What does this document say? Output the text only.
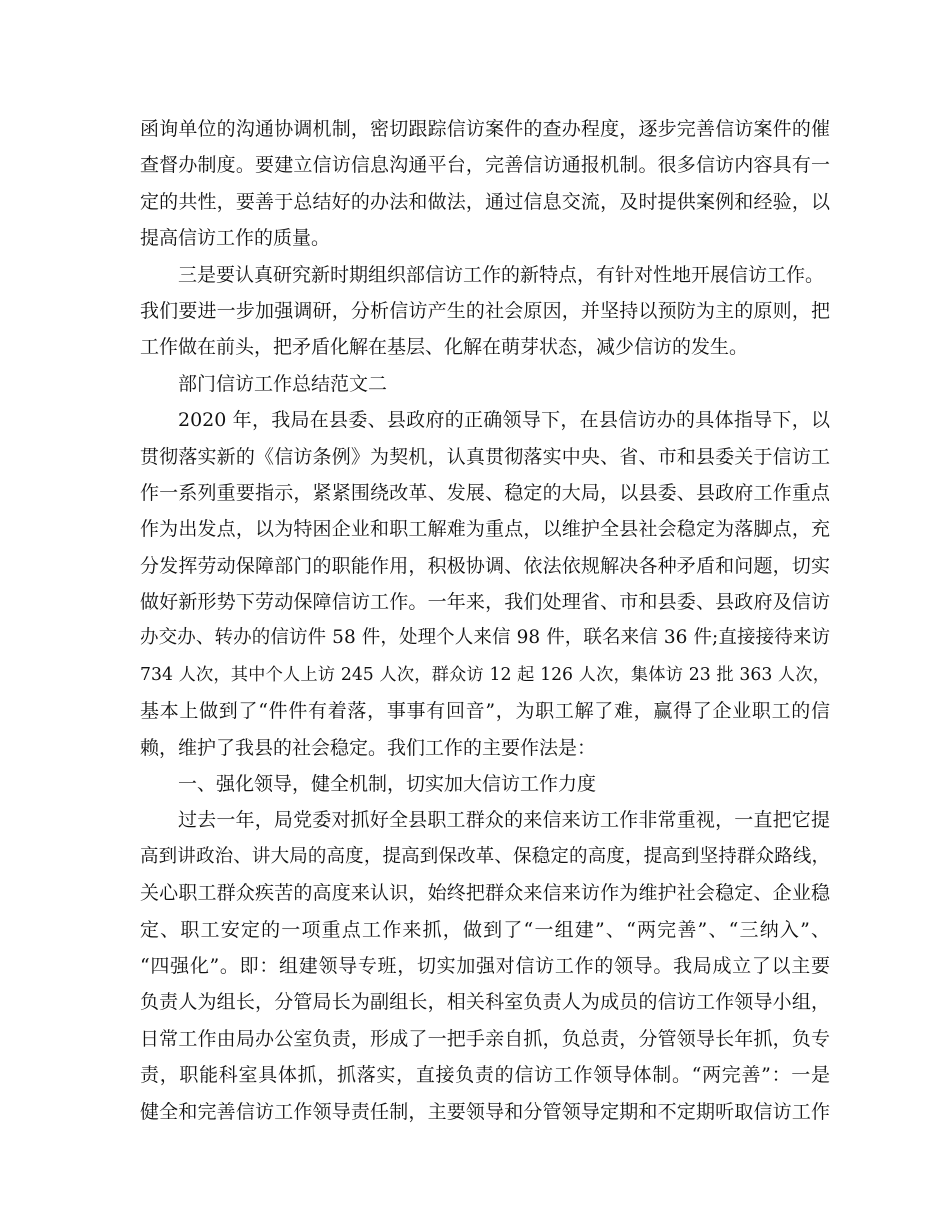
函询单位的沟通协调机制，密切跟踪信访案件的查办程度，逐步完善信访案件的催
查督办制度。要建立信访信息沟通平台，完善信访通报机制。很多信访内容具有一
定的共性，要善于总结好的办法和做法，通过信息交流，及时提供案例和经验，以
提高信访工作的质量。
三是要认真研究新时期组织部信访工作的新特点，有针对性地开展信访工作。
我们要进一步加强调研，分析信访产生的社会原因，并坚持以预防为主的原则，把
工作做在前头，把矛盾化解在基层、化解在萌芽状态，减少信访的发生。
部门信访工作总结范文二
2020 年，我局在县委、县政府的正确领导下，在县信访办的具体指导下，以
贯彻落实新的《信访条例》为契机，认真贯彻落实中央、省、市和县委关于信访工
作一系列重要指示，紧紧围绕改革、发展、稳定的大局，以县委、县政府工作重点
作为出发点，以为特困企业和职工解难为重点，以维护全县社会稳定为落脚点，充
分发挥劳动保障部门的职能作用，积极协调、依法依规解决各种矛盾和问题，切实
做好新形势下劳动保障信访工作。一年来，我们处理省、市和县委、县政府及信访
办交办、转办的信访件 58 件，处理个人来信 98 件，联名来信 36 件;直接接待来访
734 人次，其中个人上访 245 人次，群众访 12 起 126 人次，集体访 23 批 363 人次，
基本上做到了“件件有着落，事事有回音”，为职工解了难，赢得了企业职工的信
赖，维护了我县的社会稳定。我们工作的主要作法是：
一、强化领导，健全机制，切实加大信访工作力度
过去一年，局党委对抓好全县职工群众的来信来访工作非常重视，一直把它提
高到讲政治、讲大局的高度，提高到保改革、保稳定的高度，提高到坚持群众路线，
关心职工群众疾苦的高度来认识，始终把群众来信来访作为维护社会稳定、企业稳
定、职工安定的一项重点工作来抓，做到了“一组建”、“两完善”、“三纳入”、
“四强化”。即：组建领导专班，切实加强对信访工作的领导。我局成立了以主要
负责人为组长，分管局长为副组长，相关科室负责人为成员的信访工作领导小组，
日常工作由局办公室负责，形成了一把手亲自抓，负总责，分管领导长年抓，负专
责，职能科室具体抓，抓落实，直接负责的信访工作领导体制。“两完善”：一是
健全和完善信访工作领导责任制，主要领导和分管领导定期和不定期听取信访工作
